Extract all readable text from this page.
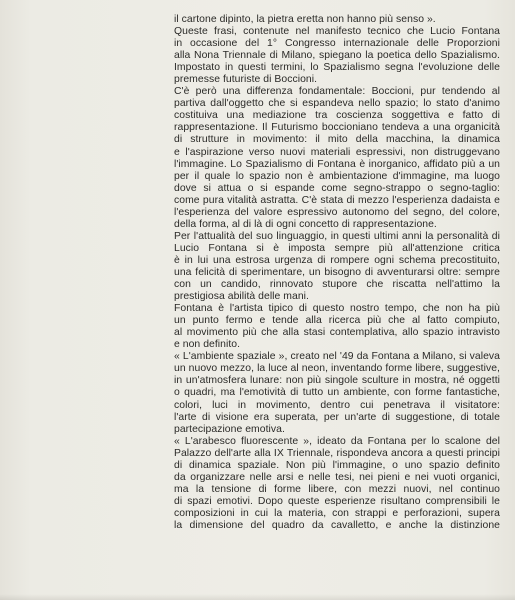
il cartone dipinto, la pietra eretta non hanno più senso ».
Queste frasi, contenute nel manifesto tecnico che Lucio Fontana
in occasione del 1° Congresso internazionale delle Proporzioni
alla Nona Triennale di Milano, spiegano la poetica dello Spazialismo.
Impostato in questi termini, lo Spazialismo segna l'evoluzione delle
premesse futuriste di Boccioni.
C'è però una differenza fondamentale: Boccioni, pur tendendo al
partiva dall'oggetto che si espandeva nello spazio; lo stato d'animo
costituiva una mediazione tra coscienza soggettiva e fatto di
rappresentazione. Il Futurismo boccioniano tendeva a una organicità
di strutture in movimento: il mito della macchina, la dinamica
e l'aspirazione verso nuovi materiali espressivi, non distruggevano
l'immagine. Lo Spazialismo di Fontana è inorganico, affidato più a un
per il quale lo spazio non è ambientazione d'immagine, ma luogo
dove si attua o si espande come segno-strappo o segno-taglio:
come pura vitalità astratta. C'è stata di mezzo l'esperienza dadaista e
l'esperienza del valore espressivo autonomo del segno, del colore,
della forma, al di là di ogni concetto di rappresentazione.
Per l'attualità del suo linguaggio, in questi ultimi anni la personalità di
Lucio Fontana si è imposta sempre più all'attenzione critica
è in lui una estrosa urgenza di rompere ogni schema precostituito,
una felicità di sperimentare, un bisogno di avventurarsi oltre: sempre
con un candido, rinnovato stupore che riscatta nell'attimo la
prestigiosa abilità delle mani.
Fontana è l'artista tipico di questo nostro tempo, che non ha più
un punto fermo e tende alla ricerca più che al fatto compiuto,
al movimento più che alla stasi contemplativa, allo spazio intravisto
e non definito.
« L'ambiente spaziale », creato nel '49 da Fontana a Milano, si valeva
un nuovo mezzo, la luce al neon, inventando forme libere, suggestive,
in un'atmosfera lunare: non più singole sculture in mostra, né oggetti
o quadri, ma l'emotività di tutto un ambiente, con forme fantastiche,
colori, luci in movimento, dentro cui penetrava il visitatore:
l'arte di visione era superata, per un'arte di suggestione, di totale
partecipazione emotiva.
« L'arabesco fluorescente », ideato da Fontana per lo scalone del
Palazzo dell'arte alla IX Triennale, rispondeva ancora a questi principi
di dinamica spaziale. Non più l'immagine, o uno spazio definito
da organizzare nelle arsi e nelle tesi, nei pieni e nei vuoti organici,
ma la tensione di forme libere, con mezzi nuovi, nel continuo
di spazi emotivi. Dopo queste esperienze risultano comprensibili le
composizioni in cui la materia, con strappi e perforazioni, supera
la dimensione del quadro da cavalletto, e anche la distinzione
